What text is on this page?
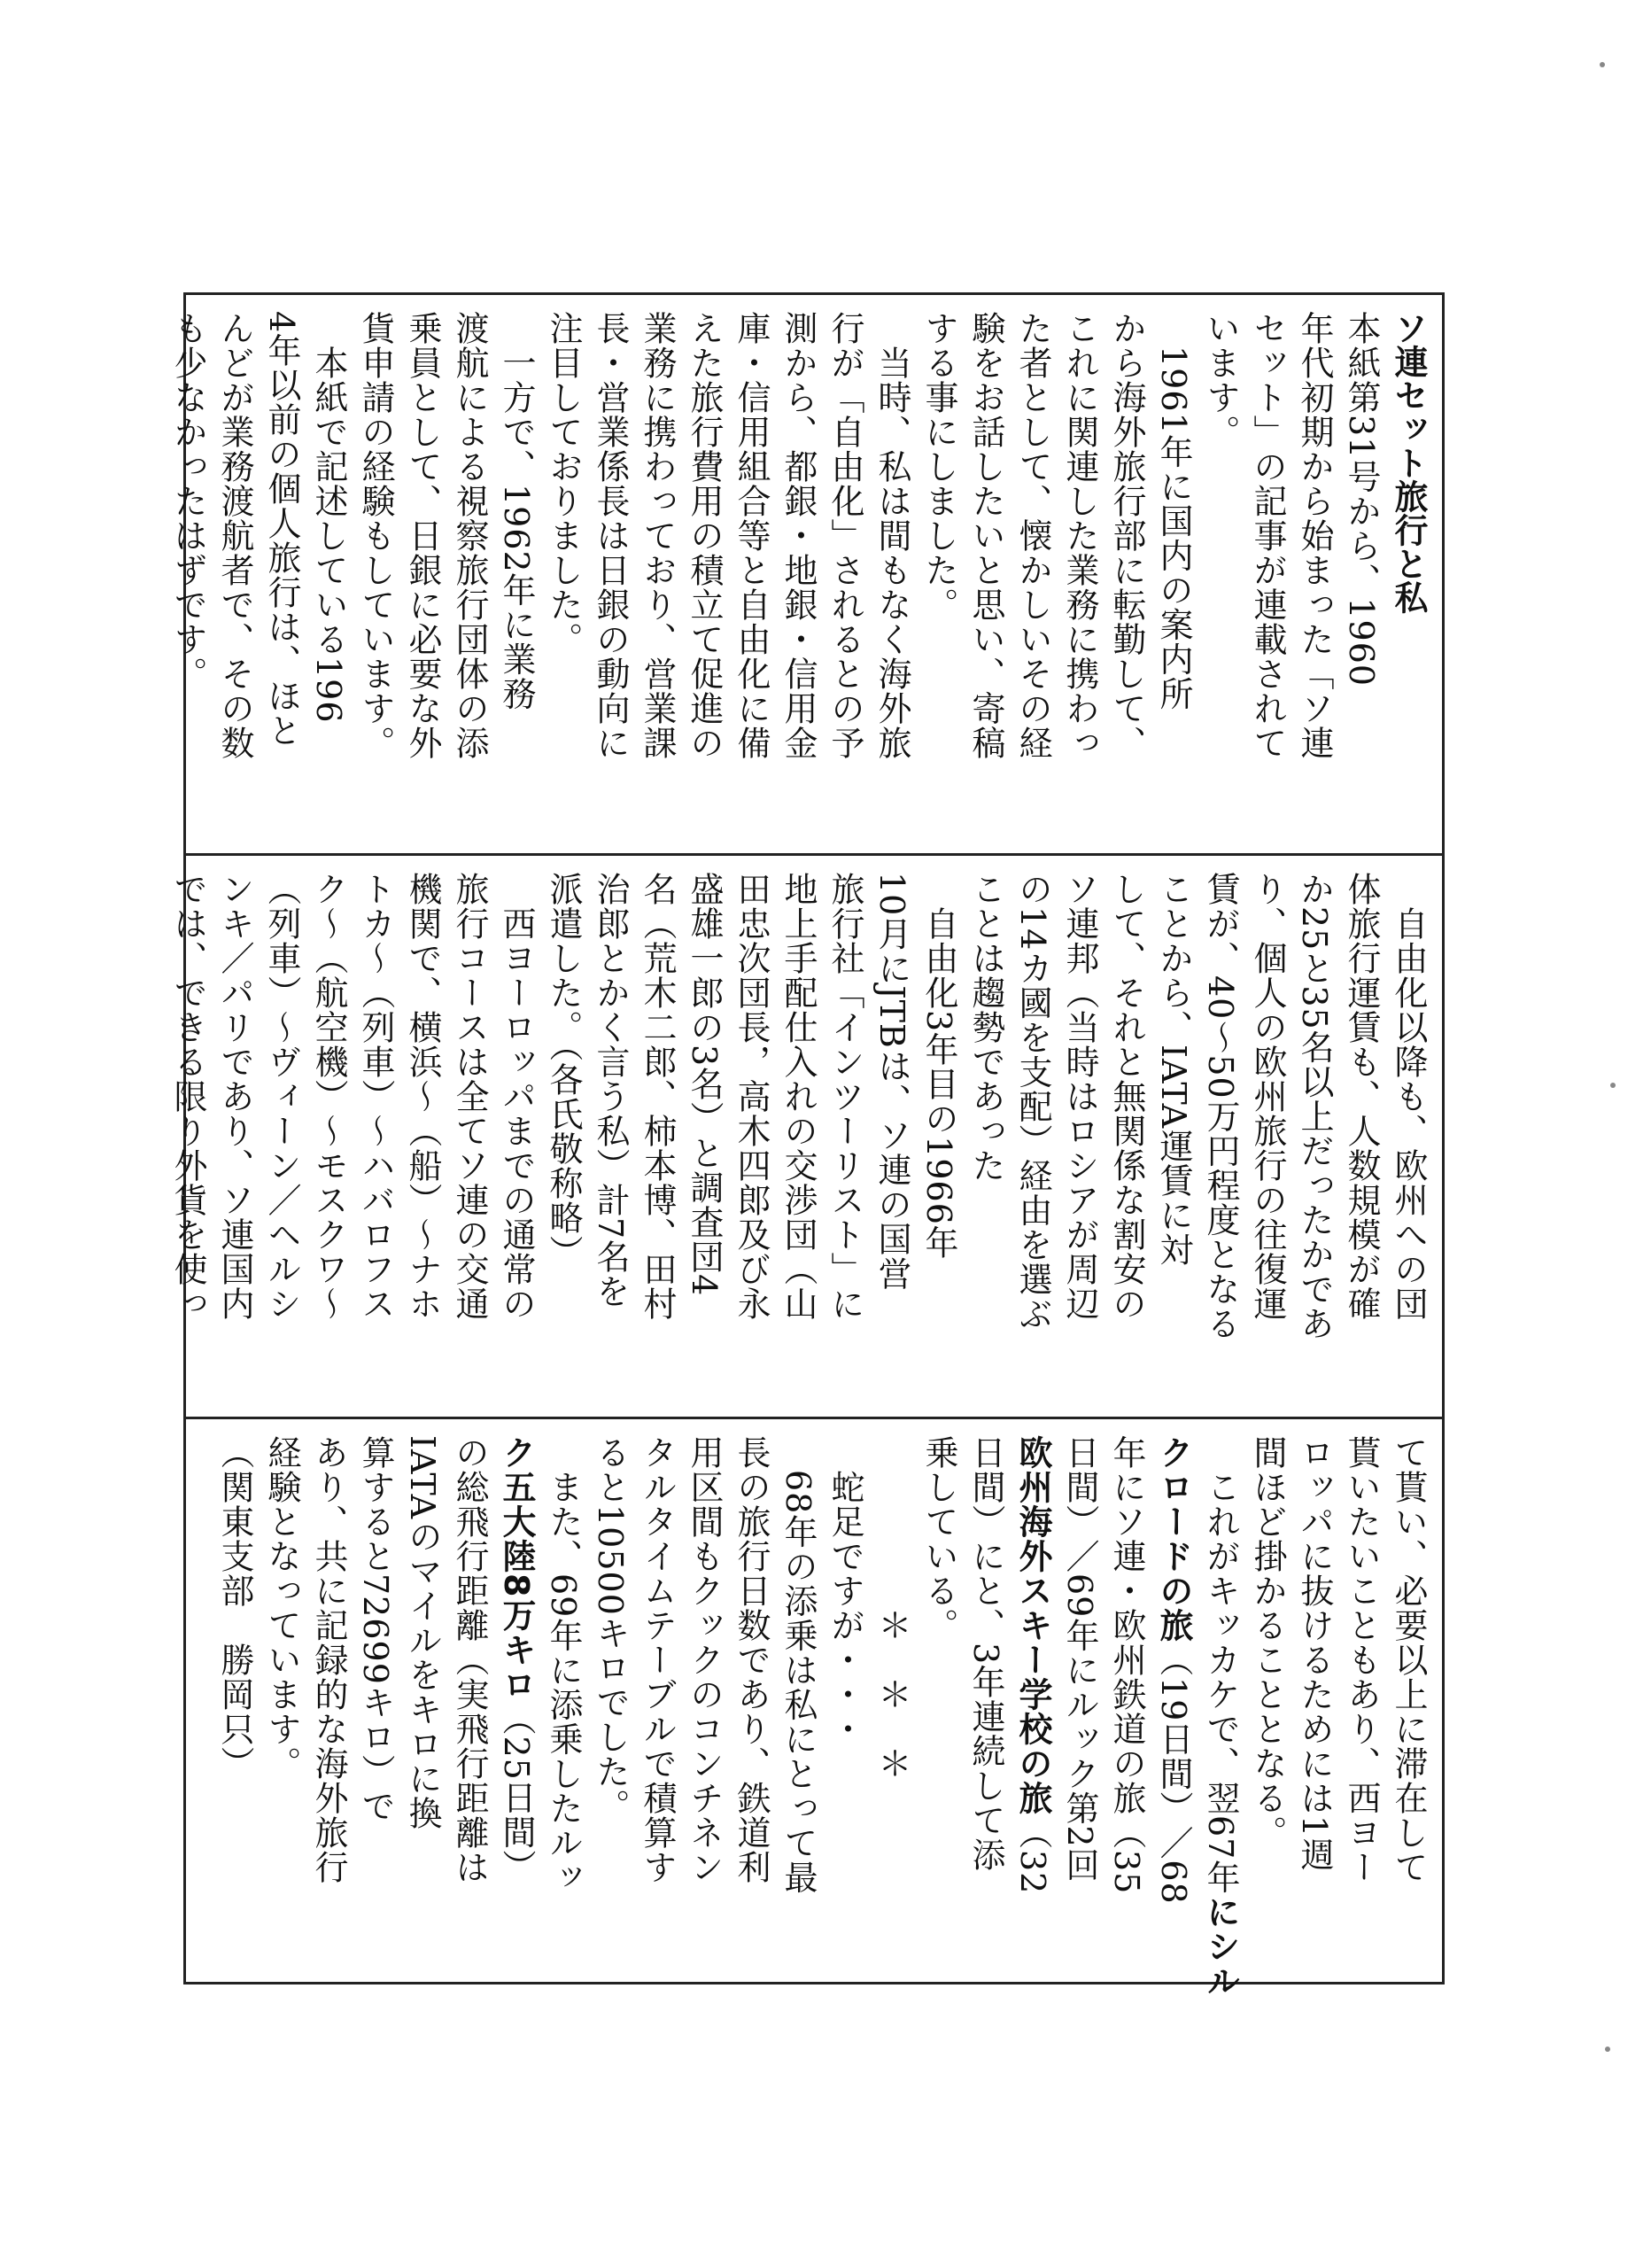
ソ連セット旅行と私
本紙第31号から、1960
年代初期から始まった「ソ連
セット」の記事が連載されて
います。
　1961年に国内の案内所
から海外旅行部に転勤して、
これに関連した業務に携わっ
た者として、懐かしいその経
験をお話したいと思い、寄稿
する事にしました。
　当時、私は間もなく海外旅
行が「自由化」されるとの予
測から、都銀・地銀・信用金
庫・信用組合等と自由化に備
えた旅行費用の積立て促進の
業務に携わっており、営業課
長・営業係長は日銀の動向に
注目しておりました。
　一方で、1962年に業務
渡航による視察旅行団体の添
乗員として、日銀に必要な外
貨申請の経験もしています。
　本紙で記述している196
4年以前の個人旅行は、ほと
んどが業務渡航者で、その数
も少なかったはずです。
　自由化以降も、欧州への団
体旅行運賃も、人数規模が確
か25と35名以上だったかであ
り、個人の欧州旅行の往復運
賃が、40～50万円程度となる
ことから、IATA運賃に対
して、それと無関係な割安の
ソ連邦（当時はロシアが周辺
の14カ國を支配）経由を選ぶ
ことは趨勢であった
　自由化3年目の1966年
10月にJTBは、ソ連の国営
旅行社「インツーリスト」に
地上手配仕入れの交渉団（山
田忠次団長，高木四郎及び永
盛雄一郎の3名）と調査団4
名（荒木二郎、柿本博、田村
治郎とかく言う私）計7名を
派遣した。（各氏敬称略）
　西ヨーロッパまでの通常の
旅行コースは全てソ連の交通
機関で、横浜～（船）～ナホ
トカ～（列車）～ハバロフス
ク～（航空機）～モスクワ～
（列車）～ヴィーン／ヘルシ
ンキ／パリであり、ソ連国内
では、できる限り外貨を使っ
て貰い、必要以上に滞在して
貰いたいこともあり、西ヨー
ロッパに抜けるためには1週
間ほど掛かることとなる。
　これがキッカケで、翌67年にシル
クロードの旅（19日間）／68
年にソ連・欧州鉄道の旅（35
日間）／69年にルック第2回
欧州海外スキー学校の旅（32
日間）にと、3年連続して添
乗している。
　　　　　＊　＊　＊
　蛇足ですが・・・
　68年の添乗は私にとって最
長の旅行日数であり、鉄道利
用区間もクックのコンチネン
タルタイムテーブルで積算す
ると10500キロでした。
　また、69年に添乗したルッ
ク五大陸8万キロ（25日間）
の総飛行距離（実飛行距離は
IATAのマイルをキロに換
算すると72699キロ）で
あり、共に記録的な海外旅行
経験となっています。
（関東支部　勝岡只）
